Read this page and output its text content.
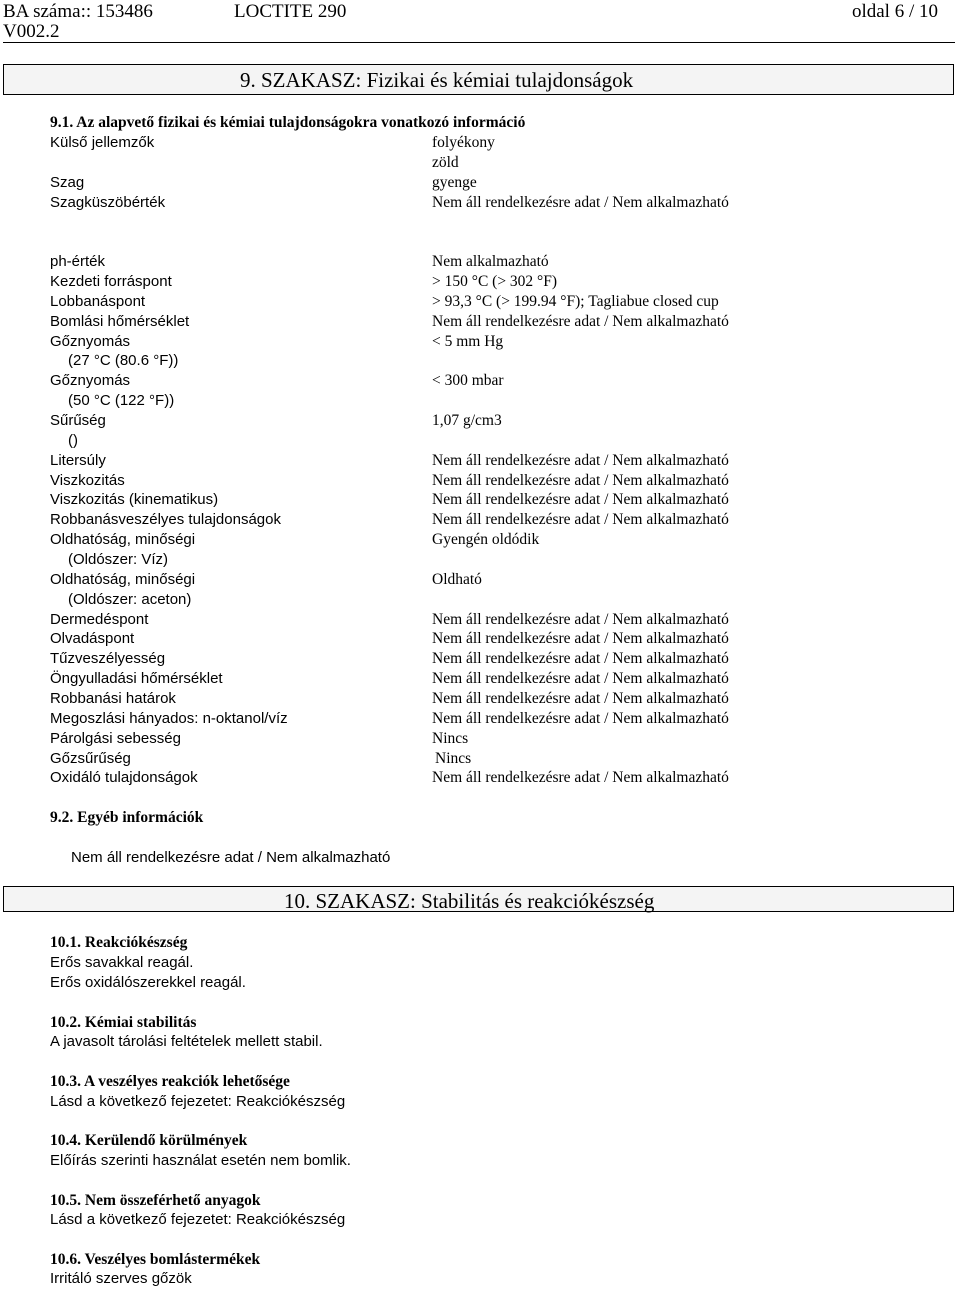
BA száma:: 153486	LOCTITE 290	oldal 6 / 10
V002.2
9. SZAKASZ: Fizikai és kémiai tulajdonságok
9.1. Az alapvető fizikai és kémiai tulajdonságokra vonatkozó információ
Külső jellemzők	folyékony
zöld
Szag	gyenge
Szagküszöbérték	Nem áll rendelkezésre adat / Nem alkalmazható
ph-érték	Nem alkalmazható
Kezdeti forráspont	> 150 °C (> 302 °F)
Lobbanáspont	> 93,3 °C (> 199.94 °F); Tagliabue closed cup
Bomlási hőmérséklet	Nem áll rendelkezésre adat / Nem alkalmazható
Gőznyomás	< 5 mm Hg
(27 °C (80.6 °F))
Gőznyomás	< 300 mbar
(50 °C (122 °F))
Sűrűség	1,07 g/cm3
()
Litersúly	Nem áll rendelkezésre adat / Nem alkalmazható
Viszkozitás	Nem áll rendelkezésre adat / Nem alkalmazható
Viszkozitás (kinematikus)	Nem áll rendelkezésre adat / Nem alkalmazható
Robbanásveszélyes tulajdonságok	Nem áll rendelkezésre adat / Nem alkalmazható
Oldhatóság, minőségi	Gyengén oldódik
(Oldószer: Víz)
Oldhatóság, minőségi	Oldható
(Oldószer: aceton)
Dermedéspont	Nem áll rendelkezésre adat / Nem alkalmazható
Olvadáspont	Nem áll rendelkezésre adat / Nem alkalmazható
Tűzveszélyesség	Nem áll rendelkezésre adat / Nem alkalmazható
Öngyulladási hőmérséklet	Nem áll rendelkezésre adat / Nem alkalmazható
Robbanási határok	Nem áll rendelkezésre adat / Nem alkalmazható
Megoszlási hányados: n-oktanol/víz	Nem áll rendelkezésre adat / Nem alkalmazható
Párolgási sebesség	Nincs
Gőzsűrűség	Nincs
Oxidáló tulajdonságok	Nem áll rendelkezésre adat / Nem alkalmazható
9.2. Egyéb információk
Nem áll rendelkezésre adat / Nem alkalmazható
10. SZAKASZ: Stabilitás és reakciókészség
10.1. Reakciókészség
Erős savakkal reagál.
Erős oxidálószerekkel reagál.
10.2. Kémiai stabilitás
A javasolt tárolási feltételek mellett stabil.
10.3. A veszélyes reakciók lehetősége
Lásd a következő fejezetet: Reakciókészség
10.4. Kerülendő körülmények
Előírás szerinti használat esetén nem bomlik.
10.5. Nem összeférhető anyagok
Lásd a következő fejezetet: Reakciókészség
10.6. Veszélyes bomlástermékek
Irritáló szerves gőzök
